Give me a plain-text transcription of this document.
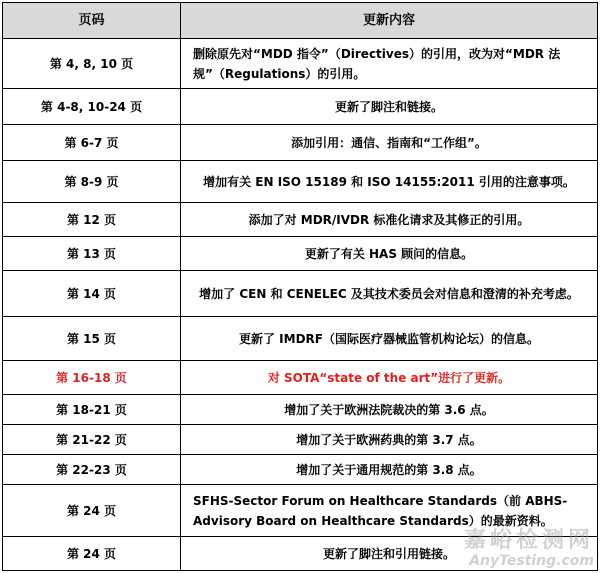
页码	更新内容
第 4, 8, 10 页	删除原先对“MDD 指令”（Directives）的引用，改为对“MDR 法规”（Regulations）的引用。
第 4-8, 10-24 页	更新了脚注和链接。
第 6-7 页	添加引用：通信、指南和“工作组”。
第 8-9 页	增加有关 EN ISO 15189 和 ISO 14155:2011 引用的注意事项。
第 12 页	添加了对 MDR/IVDR 标准化请求及其修正的引用。
第 13 页	更新了有关 HAS 顾问的信息。
第 14 页	增加了 CEN 和 CENELEC 及其技术委员会对信息和澄清的补充考虑。
第 15 页	更新了 IMDRF（国际医疗器械监管机构论坛）的信息。
第 16-18 页	对 SOTA“state of the art”进行了更新。
第 18-21 页	增加了关于欧洲法院裁决的第 3.6 点。
第 21-22 页	增加了关于欧洲药典的第 3.7 点。
第 22-23 页	增加了关于通用规范的第 3.8 点。
第 24 页	SFHS-Sector Forum on Healthcare Standards（前 ABHS-Advisory Board on Healthcare Standards）的最新资料。
第 24 页	更新了脚注和引用链接。
嘉峪检测网
AnyTesting.com
